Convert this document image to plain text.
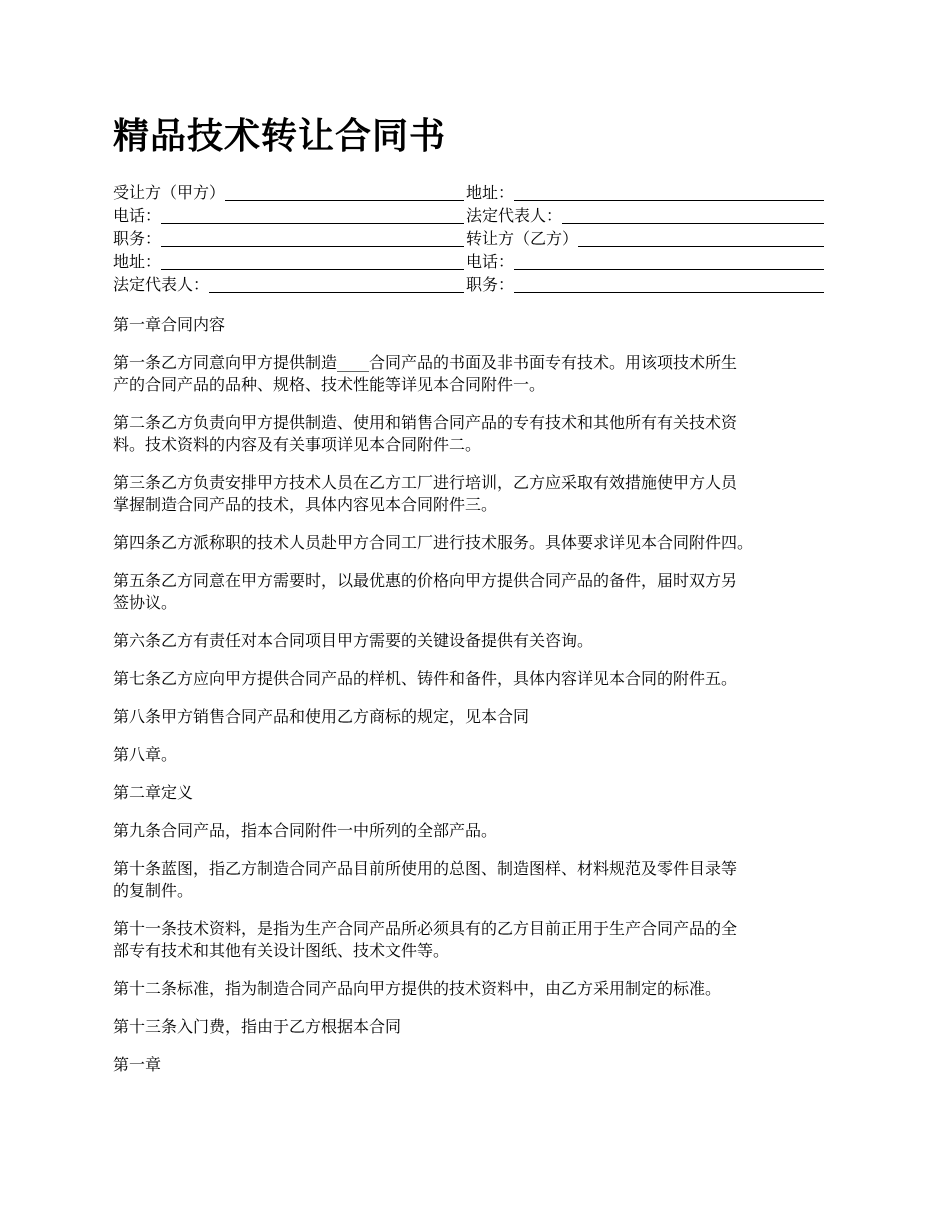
精品技术转让合同书
受让方（甲方）	地址：
电话：	法定代表人：
职务：	转让方（乙方）
地址：	电话：
法定代表人：	职务：

第一章合同内容

第一条乙方同意向甲方提供制造____合同产品的书面及非书面专有技术。用该项技术所生
产的合同产品的品种、规格、技术性能等详见本合同附件一。

第二条乙方负责向甲方提供制造、使用和销售合同产品的专有技术和其他所有有关技术资
料。技术资料的内容及有关事项详见本合同附件二。

第三条乙方负责安排甲方技术人员在乙方工厂进行培训，乙方应采取有效措施使甲方人员
掌握制造合同产品的技术，具体内容见本合同附件三。

第四条乙方派称职的技术人员赴甲方合同工厂进行技术服务。具体要求详见本合同附件四。

第五条乙方同意在甲方需要时，以最优惠的价格向甲方提供合同产品的备件，届时双方另
签协议。

第六条乙方有责任对本合同项目甲方需要的关键设备提供有关咨询。

第七条乙方应向甲方提供合同产品的样机、铸件和备件，具体内容详见本合同的附件五。

第八条甲方销售合同产品和使用乙方商标的规定，见本合同

第八章。

第二章定义

第九条合同产品，指本合同附件一中所列的全部产品。

第十条蓝图，指乙方制造合同产品目前所使用的总图、制造图样、材料规范及零件目录等
的复制件。

第十一条技术资料，是指为生产合同产品所必须具有的乙方目前正用于生产合同产品的全
部专有技术和其他有关设计图纸、技术文件等。

第十二条标准，指为制造合同产品向甲方提供的技术资料中，由乙方采用制定的标准。

第十三条入门费，指由于乙方根据本合同

第一章
